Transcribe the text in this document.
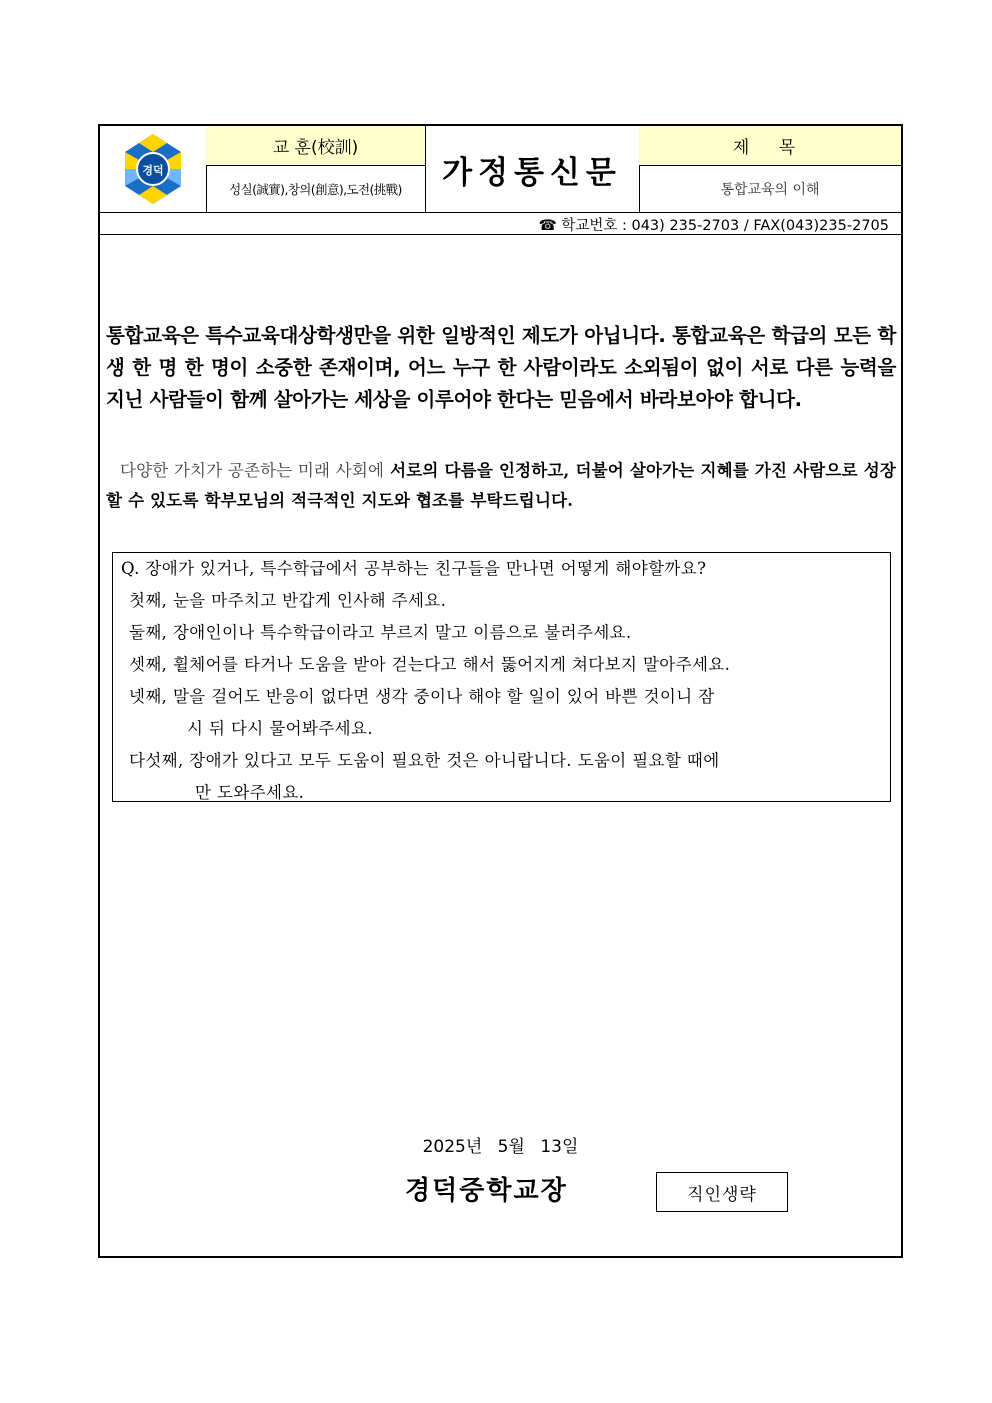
경덕
교 훈(校訓)
성실(誠實),창의(創意),도전(挑戰)	가정통신문
제 목
통합교육의 이해
☎ 학교번호 : 043) 235-2703 / FAX(043)235-2705
통합교육은 특수교육대상학생만을 위한 일방적인 제도가 아닙니다. 통합교육은 학급의 모든 학생 한 명 한 명이 소중한 존재이며, 어느 누구 한 사람이라도 소외됨이 없이 서로 다른 능력을 지닌 사람들이 함께 살아가는 세상을 이루어야 한다는 믿음에서 바라보아야 합니다.
다양한 가치가 공존하는 미래 사회에 서로의 다름을 인정하고, 더불어 살아가는 지혜를 가진 사람으로 성장할 수 있도록 학부모님의 적극적인 지도와 협조를 부탁드립니다.
Q. 장애가 있거나, 특수학급에서 공부하는 친구들을 만나면 어떻게 해야할까요?
첫째, 눈을 마주치고 반갑게 인사해 주세요.
둘째, 장애인이나 특수학급이라고 부르지 말고 이름으로 불러주세요.
셋째, 휠체어를 타거나 도움을 받아 걷는다고 해서 뚫어지게 쳐다보지 말아주세요.
넷째, 말을 걸어도 반응이 없다면 생각 중이나 해야 할 일이 있어 바쁜 것이니 잠
시 뒤 다시 물어봐주세요.
다섯째, 장애가 있다고 모두 도움이 필요한 것은 아니랍니다. 도움이 필요할 때에
만 도와주세요.
2025년 5월 13일
경덕중학교장	직인생략
